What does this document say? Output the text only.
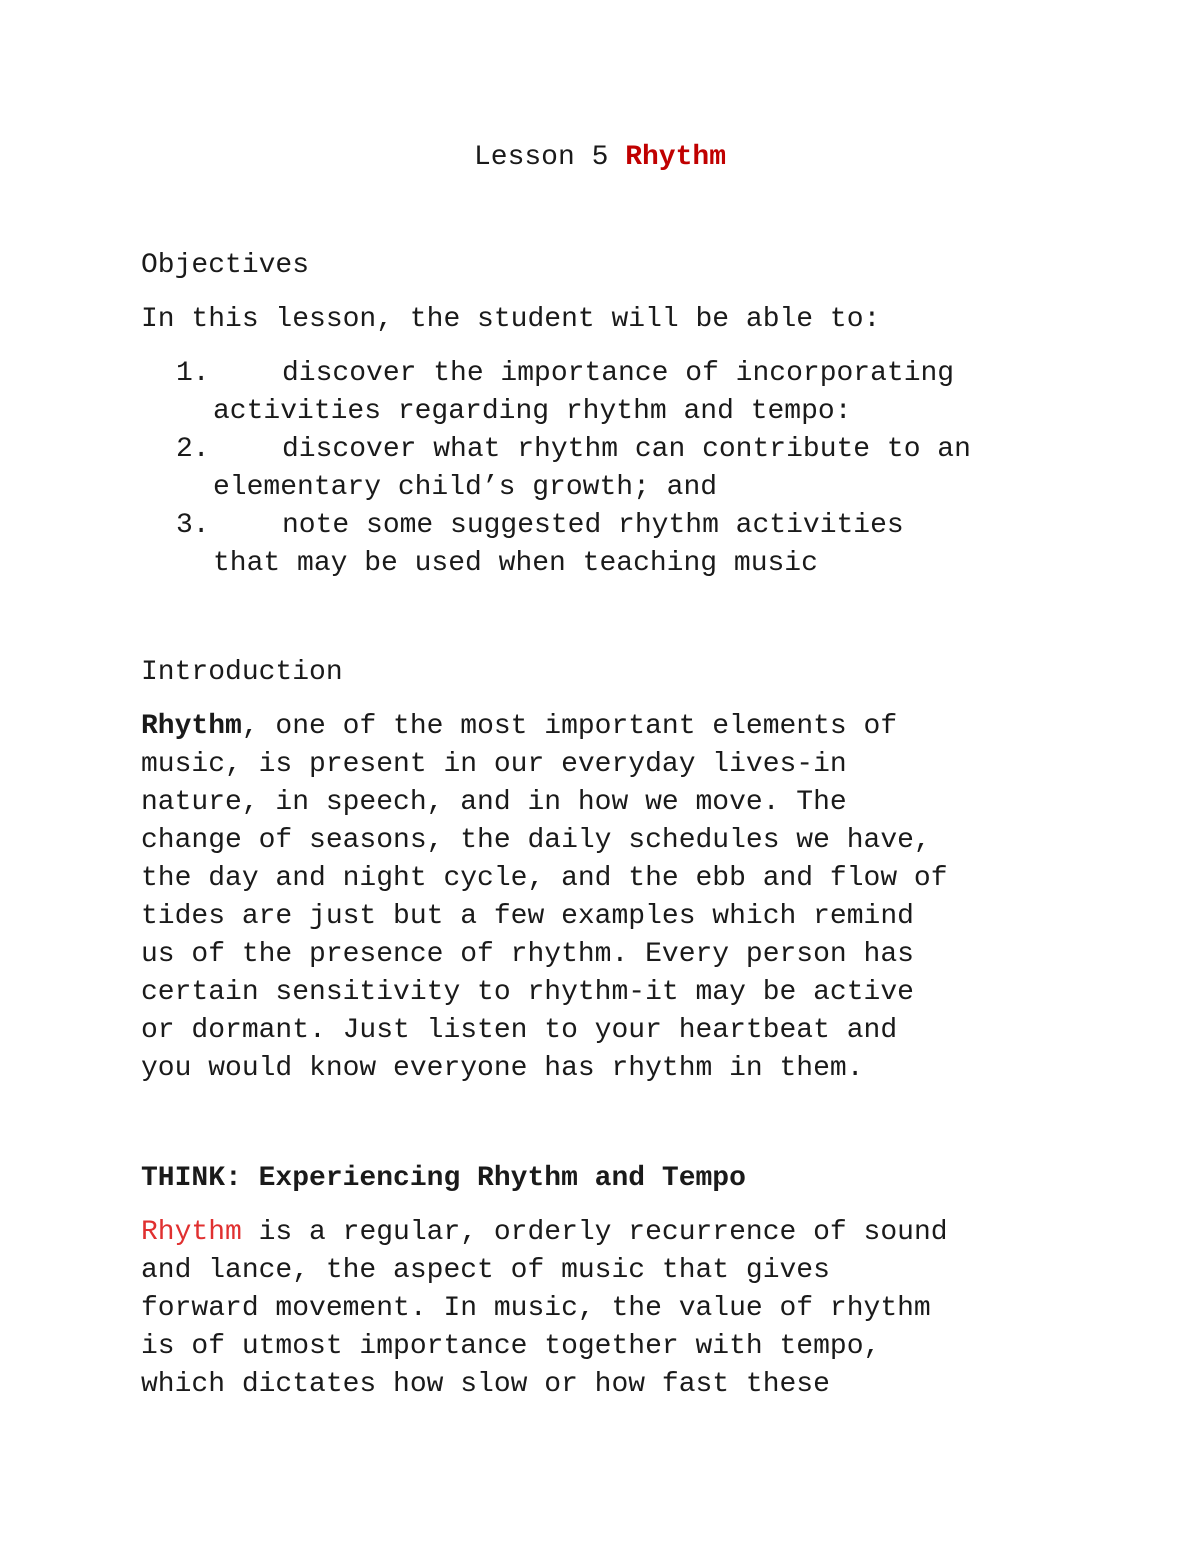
Lesson 5 Rhythm
Objectives
In this lesson, the student will be able to:
1.	discover the importance of incorporating
activities regarding rhythm and tempo:
2.	discover what rhythm can contribute to an
elementary child’s growth; and
3.	note some suggested rhythm activities
that may be used when teaching music
Introduction
Rhythm, one of the most important elements of
music, is present in our everyday lives-in
nature, in speech, and in how we move. The
change of seasons, the daily schedules we have,
the day and night cycle, and the ebb and flow of
tides are just but a few examples which remind
us of the presence of rhythm. Every person has
certain sensitivity to rhythm-it may be active
or dormant. Just listen to your heartbeat and
you would know everyone has rhythm in them.
THINK: Experiencing Rhythm and Tempo
Rhythm is a regular, orderly recurrence of sound
and lance, the aspect of music that gives
forward movement. In music, the value of rhythm
is of utmost importance together with tempo,
which dictates how slow or how fast these
